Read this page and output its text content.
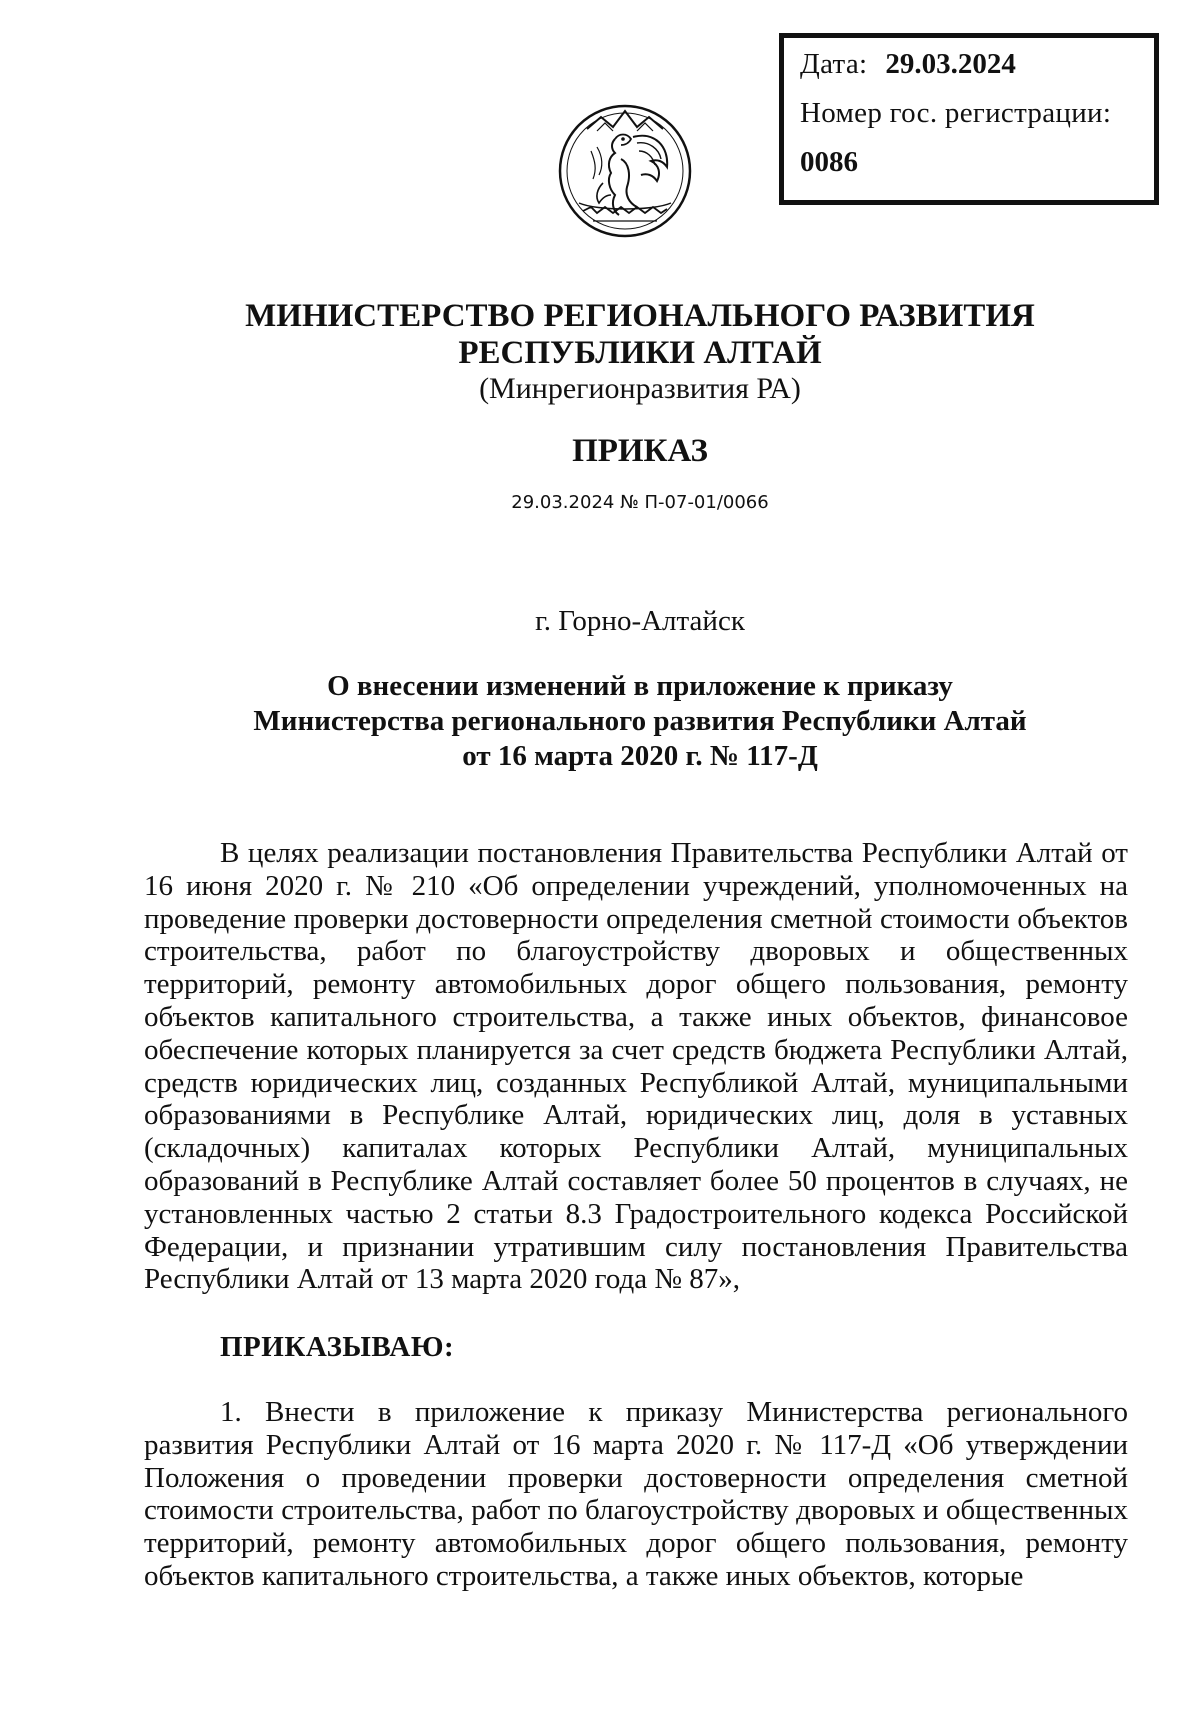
Дата: 29.03.2024
Номер гос. регистрации:
0086
МИНИСТЕРСТВО РЕГИОНАЛЬНОГО РАЗВИТИЯ
РЕСПУБЛИКИ АЛТАЙ
(Минрегионразвития РА)
ПРИКАЗ
29.03.2024 № П-07-01/0066
г. Горно-Алтайск
О внесении изменений в приложение к приказу
Министерства регионального развития Республики Алтай
от 16 марта 2020 г. № 117-Д

В целях реализации постановления Правительства Республики Алтай от 16 июня 2020 г. № 210 «Об определении учреждений, уполномоченных на проведение проверки достоверности определения сметной стоимости объектов строительства, работ по благоустройству дворовых и общественных территорий, ремонту автомобильных дорог общего пользования, ремонту объектов капитального строительства, а также иных объектов, финансовое обеспечение которых планируется за счет средств бюджета Республики Алтай, средств юридических лиц, созданных Республикой Алтай, муниципальными образованиями в Республике Алтай, юридических лиц, доля в уставных (складочных) капиталах которых Республики Алтай, муниципальных образований в Республике Алтай составляет более 50 процентов в случаях, не установленных частью 2 статьи 8.3 Градостроительного кодекса Российской Федерации, и признании утратившим силу постановления Правительства Республики Алтай от 13 марта 2020 года № 87»,

ПРИКАЗЫВАЮ:

1. Внести в приложение к приказу Министерства регионального развития Республики Алтай от 16 марта 2020 г. № 117-Д «Об утверждении Положения о проведении проверки достоверности определения сметной стоимости строительства, работ по благоустройству дворовых и общественных территорий, ремонту автомобильных дорог общего пользования, ремонту объектов капитального строительства, а также иных объектов, которые
